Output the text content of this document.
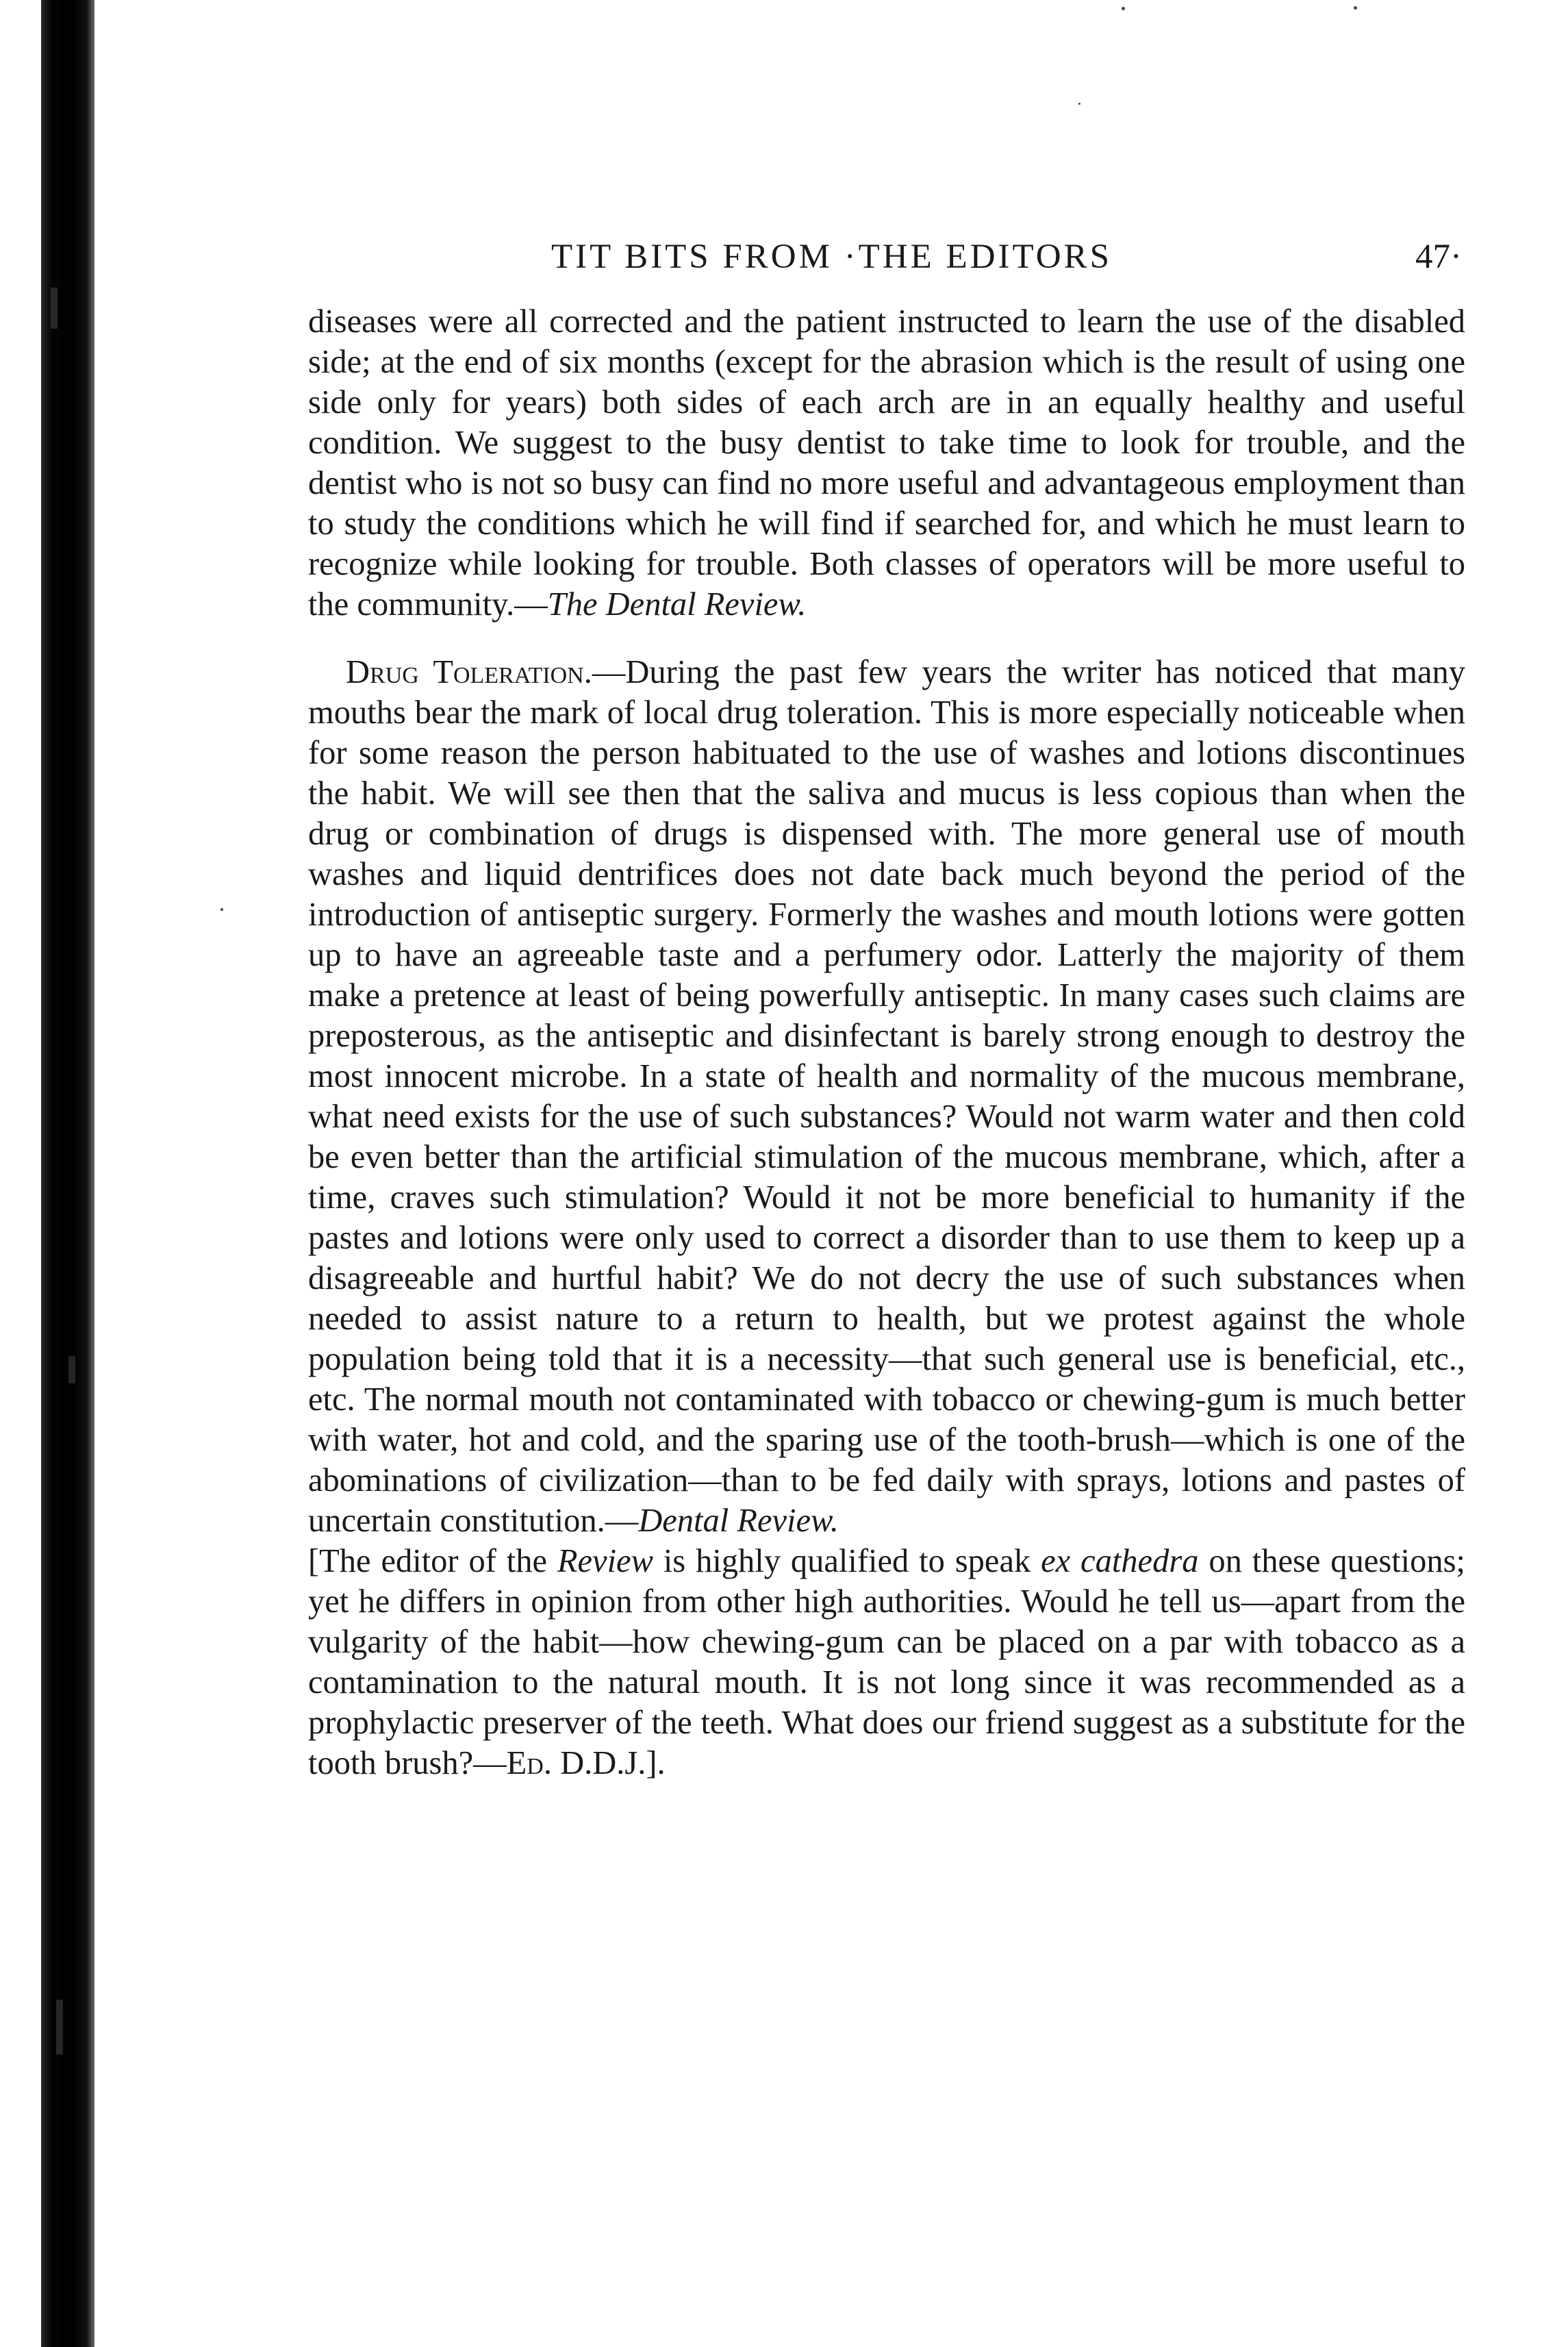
TIT BITS FROM ·THE EDITORS	47·

diseases were all corrected and the patient instructed to learn the use of the disabled side; at the end of six months (except for the abrasion which is the result of using one side only for years) both sides of each arch are in an equally healthy and useful condition. We suggest to the busy dentist to take time to look for trouble, and the dentist who is not so busy can find no more useful and advantageous employment than to study the conditions which he will find if searched for, and which he must learn to recognize while looking for trouble. Both classes of operators will be more useful to the community.—The Dental Review.

Drug Toleration.—During the past few years the writer has noticed that many mouths bear the mark of local drug toleration. This is more especially noticeable when for some reason the person habituated to the use of washes and lotions discontinues the habit. We will see then that the saliva and mucus is less copious than when the drug or combination of drugs is dispensed with. The more general use of mouth washes and liquid dentrifices does not date back much beyond the period of the introduction of antiseptic surgery. Formerly the washes and mouth lotions were gotten up to have an agreeable taste and a perfumery odor. Latterly the majority of them make a pretence at least of being powerfully antiseptic. In many cases such claims are preposterous, as the antiseptic and disinfectant is barely strong enough to destroy the most innocent microbe. In a state of health and normality of the mucous membrane, what need exists for the use of such substances? Would not warm water and then cold be even better than the artificial stimulation of the mucous membrane, which, after a time, craves such stimulation? Would it not be more beneficial to humanity if the pastes and lotions were only used to correct a disorder than to use them to keep up a disagreeable and hurtful habit? We do not decry the use of such substances when needed to assist nature to a return to health, but we protest against the whole population being told that it is a necessity—that such general use is beneficial, etc., etc. The normal mouth not contaminated with tobacco or chewing-gum is much better with water, hot and cold, and the sparing use of the tooth-brush—which is one of the abominations of civilization—than to be fed daily with sprays, lotions and pastes of uncertain constitution.—Dental Review.

[The editor of the Review is highly qualified to speak ex cathedra on these questions; yet he differs in opinion from other high authorities. Would he tell us—apart from the vulgarity of the habit—how chewing-gum can be placed on a par with tobacco as a contamination to the natural mouth. It is not long since it was recommended as a prophylactic preserver of the teeth. What does our friend suggest as a substitute for the tooth brush?—Ed. D.D.J.].
